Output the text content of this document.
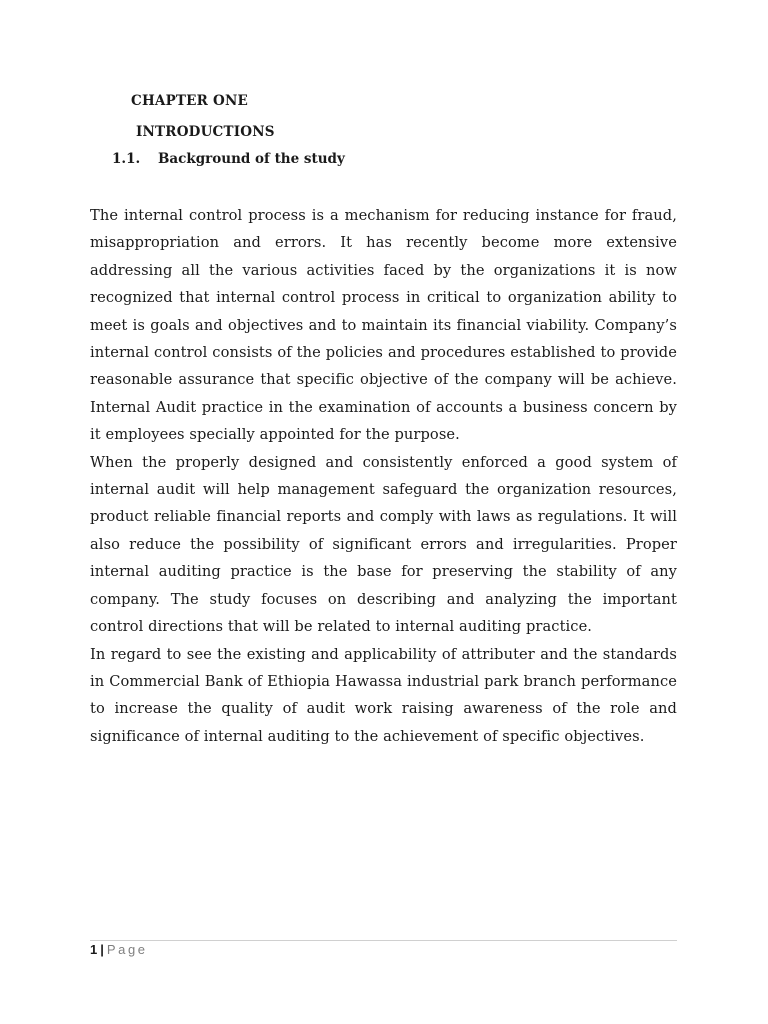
CHAPTER ONE
INTRODUCTIONS
1.1. Background of the study

The internal control process is a mechanism for reducing instance for fraud, misappropriation and errors. It has recently become more extensive addressing all the various activities faced by the organizations it is now recognized that internal control process in critical to organization ability to meet is goals and objectives and to maintain its financial viability. Company’s internal control consists of the policies and procedures established to provide reasonable assurance that specific objective of the company will be achieve. Internal Audit practice in the examination of accounts a business concern by it employees specially appointed for the purpose.

When the properly designed and consistently enforced a good system of internal audit will help management safeguard the organization resources, product reliable financial reports and comply with laws as regulations. It will also reduce the possibility of significant errors and irregularities. Proper internal auditing practice is the base for preserving the stability of any company. The study focuses on describing and analyzing the important control directions that will be related to internal auditing practice.

In regard to see the existing and applicability of attributer and the standards in Commercial Bank of Ethiopia Hawassa industrial park branch performance to increase the quality of audit work raising awareness of the role and significance of internal auditing to the achievement of specific objectives.

1 | Page
